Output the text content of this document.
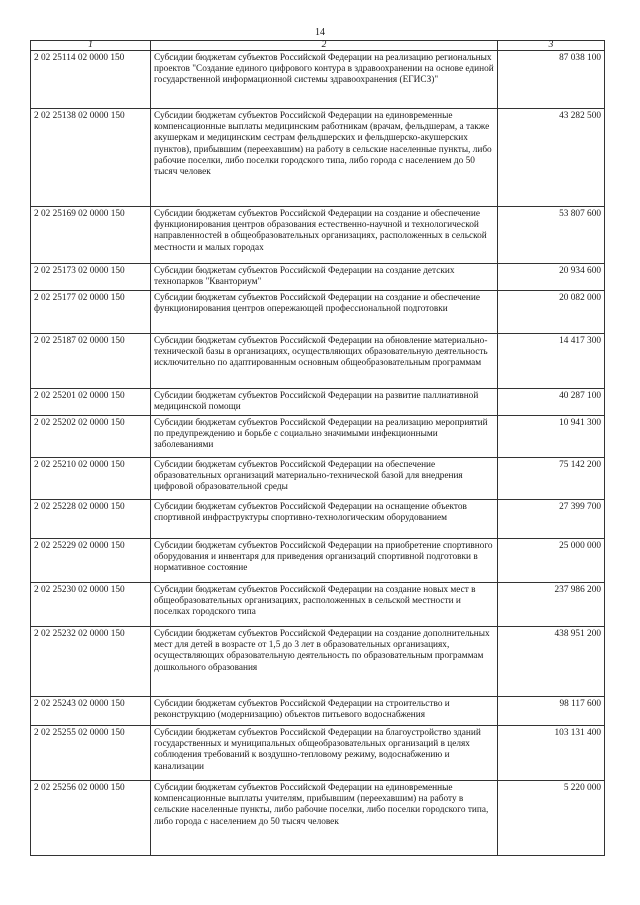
14
1	2	3
2 02 25114 02 0000 150	Субсидии бюджетам субъектов Российской Федерации на реализацию региональных проектов "Создание единого цифрового контура в здравоохранении на основе единой государственной информационной системы здравоохранения (ЕГИСЗ)"	87 038 100
2 02 25138 02 0000 150	Субсидии бюджетам субъектов Российской Федерации на единовременные компенсационные выплаты медицинским работникам (врачам, фельдшерам, а также акушеркам и медицинским сестрам фельдшерских и фельдшерско-акушерских пунктов), прибывшим (переехавшим) на работу в сельские населенные пункты, либо рабочие поселки, либо поселки городского типа, либо города с населением до 50 тысяч человек	43 282 500
2 02 25169 02 0000 150	Субсидии бюджетам субъектов Российской Федерации на создание и обеспечение функционирования центров образования естественно-научной и технологической направленностей в общеобразовательных организациях, расположенных в сельской местности и малых городах	53 807 600
2 02 25173 02 0000 150	Субсидии бюджетам субъектов Российской Федерации на создание детских технопарков "Кванториум"	20 934 600
2 02 25177 02 0000 150	Субсидии бюджетам субъектов Российской Федерации на создание и обеспечение функционирования центров опережающей профессиональной подготовки	20 082 000
2 02 25187 02 0000 150	Субсидии бюджетам субъектов Российской Федерации на обновление материально-технической базы в организациях, осуществляющих образовательную деятельность исключительно по адаптированным основным общеобразовательным программам	14 417 300
2 02 25201 02 0000 150	Субсидии бюджетам субъектов Российской Федерации на развитие паллиативной медицинской помощи	40 287 100
2 02 25202 02 0000 150	Субсидии бюджетам субъектов Российской Федерации на реализацию мероприятий по предупреждению и борьбе с социально значимыми инфекционными заболеваниями	10 941 300
2 02 25210 02 0000 150	Субсидии бюджетам субъектов Российской Федерации на обеспечение образовательных организаций материально-технической базой для внедрения цифровой образовательной среды	75 142 200
2 02 25228 02 0000 150	Субсидии бюджетам субъектов Российской Федерации на оснащение объектов спортивной инфраструктуры спортивно-технологическим оборудованием	27 399 700
2 02 25229 02 0000 150	Субсидии бюджетам субъектов Российской Федерации на приобретение спортивного оборудования и инвентаря для приведения организаций спортивной подготовки в нормативное состояние	25 000 000
2 02 25230 02 0000 150	Субсидии бюджетам субъектов Российской Федерации на создание новых мест в общеобразовательных организациях, расположенных в сельской местности и поселках городского типа	237 986 200
2 02 25232 02 0000 150	Субсидии бюджетам субъектов Российской Федерации на создание дополнительных мест для детей в возрасте от 1,5 до 3 лет в образовательных организациях, осуществляющих образовательную деятельность по образовательным программам дошкольного образования	438 951 200
2 02 25243 02 0000 150	Субсидии бюджетам субъектов Российской Федерации на строительство и реконструкцию (модернизацию) объектов питьевого водоснабжения	98 117 600
2 02 25255 02 0000 150	Субсидии бюджетам субъектов Российской Федерации на благоустройство зданий государственных и муниципальных общеобразовательных организаций в целях соблюдения требований к воздушно-тепловому режиму, водоснабжению и канализации	103 131 400
2 02 25256 02 0000 150	Субсидии бюджетам субъектов Российской Федерации на единовременные компенсационные выплаты учителям, прибывшим (переехавшим) на работу в сельские населенные пункты, либо рабочие поселки, либо поселки городского типа, либо города с населением до 50 тысяч человек	5 220 000
